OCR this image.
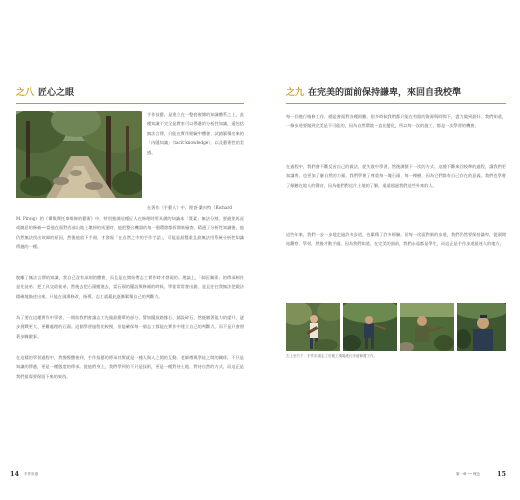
之八 匠心之眼
手作技藝，是建立在一整套複雜的知識體系之上，此種知識不完全是教室可以傳遞的分析性知識，還包括無法言傳，只能在實作經驗中體會、試錯累積出來的「內隱知識」（tacit knowledge），以及藝術性的美感。
在著作《手藝人》中，理查·桑內特（Richard
M. Pirsig）的《禪與摩托車維修的藝術》中，特別強調這種匠人在修理時所具備的知識本「質素」無法分割，要避免馬虎或隨意的修補──當他在面對西部山地上壞掉的馬達時，他把整台機器的每一個環節都拆開來檢查，精通了分析性知識後，他仍然無法找出故障的原因，然後他放下手冊，才發現「在自然之中的手作手語」，可能是最穩重且最無法用系統分析性知識傳遞的一種。
脫離了無法言傳的知識，我自己沒有深刻的體會，而且是在開始帶志工實作時才發現的。理論上，「師匠關係」的傳承制作是先徒弟、把工具交給徒弟，然後去把石頭搬進去，當石頭的擺設與修補的時候，學徒常常會出錯，並且往往我無法把做法精確地描述出來，只能在現場修改、指導，志工就藉此逐漸累積自己的判斷力。
為了要在這種實作中學習，一開始我們會讓志工先做最簡單的部分，譬如擺放路緣石、鋪設碎石，然後隨著能力的提升，逐步挑戰更大、更難處理的石頭。這個學習過程比較慢，但能確保每一個志工都能在實作中建立自己的判斷力，而不是只會照著步驟做事。
在這樣的學習過程中，我慢慢體會到，手作技藝的傳承其實就是一種人與人之間的互動。老師傅與學徒之間的關係，不只是知識的傳遞，更是一種態度的傳承。從他們身上，我們學到的不只是技術，更是一種對待土地、對待自然的方式，而這正是我們最需要保留下來的東西。
14 手作步道
之九 在完美的面前保持謙卑，來回自我校準
每一回進行維修工作，總是會面對各種困難，很多時候我們都只能在有限的資源與時間下，盡力做到最好。我們知道，一條步道要做到完美是不可能的，因為自然環境一直在變化，所以每一次的施工，都是一次學習的機會。
在過程中，我們會不斷反省自己的做法，從失敗中學習，然後調整下一次的方式。這種不斷來回校準的過程，讓我們更加謙卑，也更加了解自然的力量。我們學會了尊重每一塊石頭、每一棵樹，因為它們都有自己存在的意義。我們也學會了傾聽在地人的聲音，因為他們對這片土地的了解，遠遠超過我們這些外來的人。
這些年來，我們一步一步地走過許多步道，也累積了許多經驗。但每一次面對新的步道，我們仍然要保持謙卑，從頭開始觀察、學習，然後才動手做。因為我們知道，在完美的面前，我們永遠都是學生，而這正是手作步道最迷人的地方。
左上至右下：手作步道志工於施工現場進行步道修護工作。
第一章 ── 理念	15
